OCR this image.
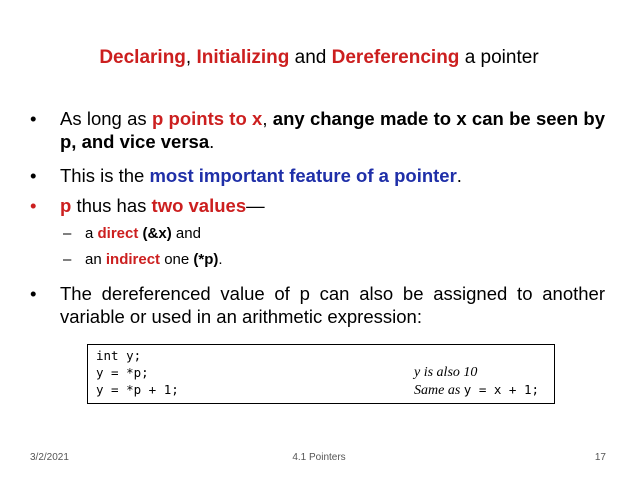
Declaring, Initializing and Dereferencing a pointer
•	As long as p points to x, any change made to x can be seen by p, and vice versa.
•	This is the most important feature of a pointer.
•	p thus has two values—
– a direct (&x) and
– an indirect one (*p).
•	The dereferenced value of p can also be assigned to another variable or used in an arithmetic expression:
int y;
y = *p;
y = *p + 1;
y is also 10
Same as y = x + 1;
3/2/2021	4.1 Pointers	17
